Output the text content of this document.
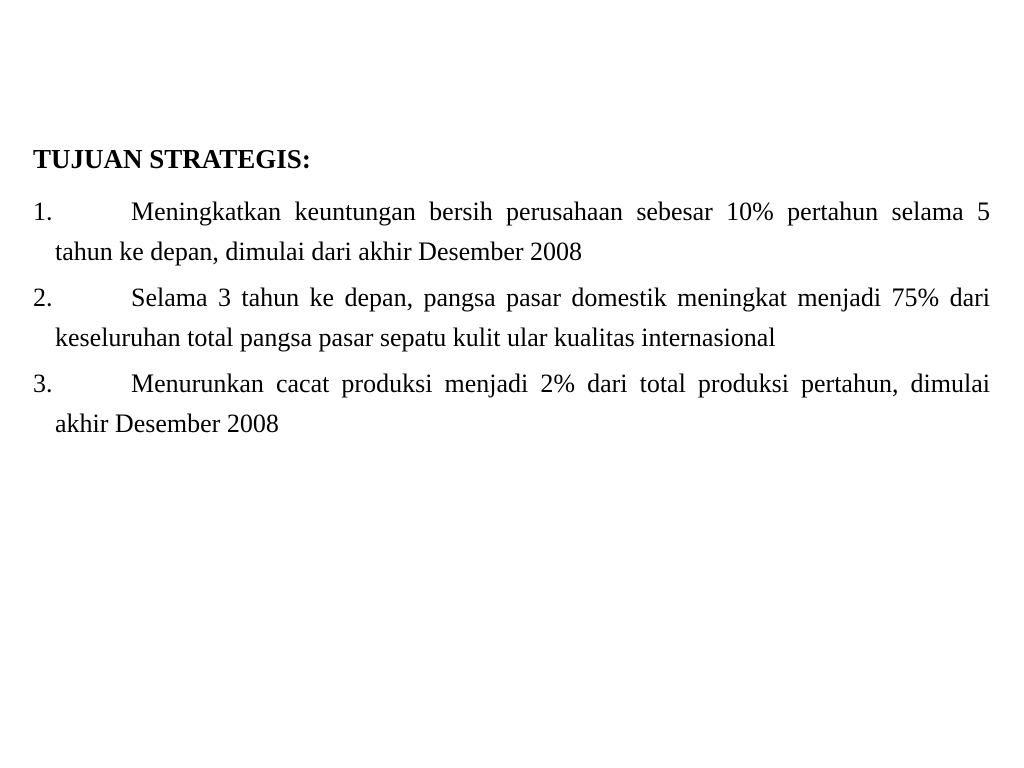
TUJUAN STRATEGIS:

1.	Meningkatkan keuntungan bersih perusahaan sebesar 10% pertahun selama 5 tahun ke depan, dimulai dari akhir Desember 2008
2.	Selama 3 tahun ke depan, pangsa pasar domestik meningkat menjadi 75% dari keseluruhan total pangsa pasar sepatu kulit ular kualitas internasional
3.	Menurunkan cacat produksi menjadi 2% dari total produksi pertahun, dimulai akhir Desember 2008
